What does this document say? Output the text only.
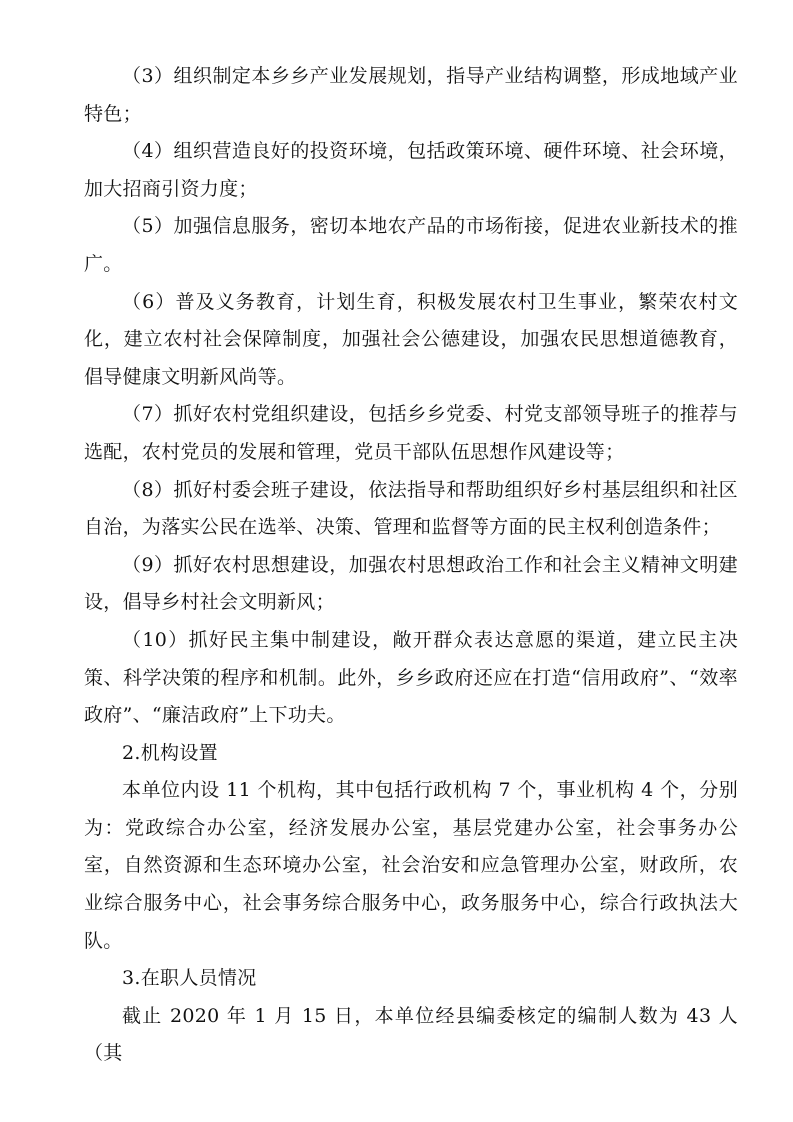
（3）组织制定本乡乡产业发展规划，指导产业结构调整，形成地域产业特色；

（4）组织营造良好的投资环境，包括政策环境、硬件环境、社会环境，加大招商引资力度；

（5）加强信息服务，密切本地农产品的市场衔接，促进农业新技术的推广。

（6）普及义务教育，计划生育，积极发展农村卫生事业，繁荣农村文化，建立农村社会保障制度，加强社会公德建设，加强农民思想道德教育，倡导健康文明新风尚等。

（7）抓好农村党组织建设，包括乡乡党委、村党支部领导班子的推荐与选配，农村党员的发展和管理，党员干部队伍思想作风建设等；

（8）抓好村委会班子建设，依法指导和帮助组织好乡村基层组织和社区自治，为落实公民在选举、决策、管理和监督等方面的民主权利创造条件；

（9）抓好农村思想建设，加强农村思想政治工作和社会主义精神文明建设，倡导乡村社会文明新风；

（10）抓好民主集中制建设，敞开群众表达意愿的渠道，建立民主决策、科学决策的程序和机制。此外，乡乡政府还应在打造“信用政府”、“效率政府”、“廉洁政府”上下功夫。

2.机构设置

本单位内设 11 个机构，其中包括行政机构 7 个，事业机构 4 个，分别为：党政综合办公室，经济发展办公室，基层党建办公室，社会事务办公室，自然资源和生态环境办公室，社会治安和应急管理办公室，财政所，农业综合服务中心，社会事务综合服务中心，政务服务中心，综合行政执法大队。

3.在职人员情况

截止 2020 年 1 月 15 日，本单位经县编委核定的编制人数为 43 人（其
